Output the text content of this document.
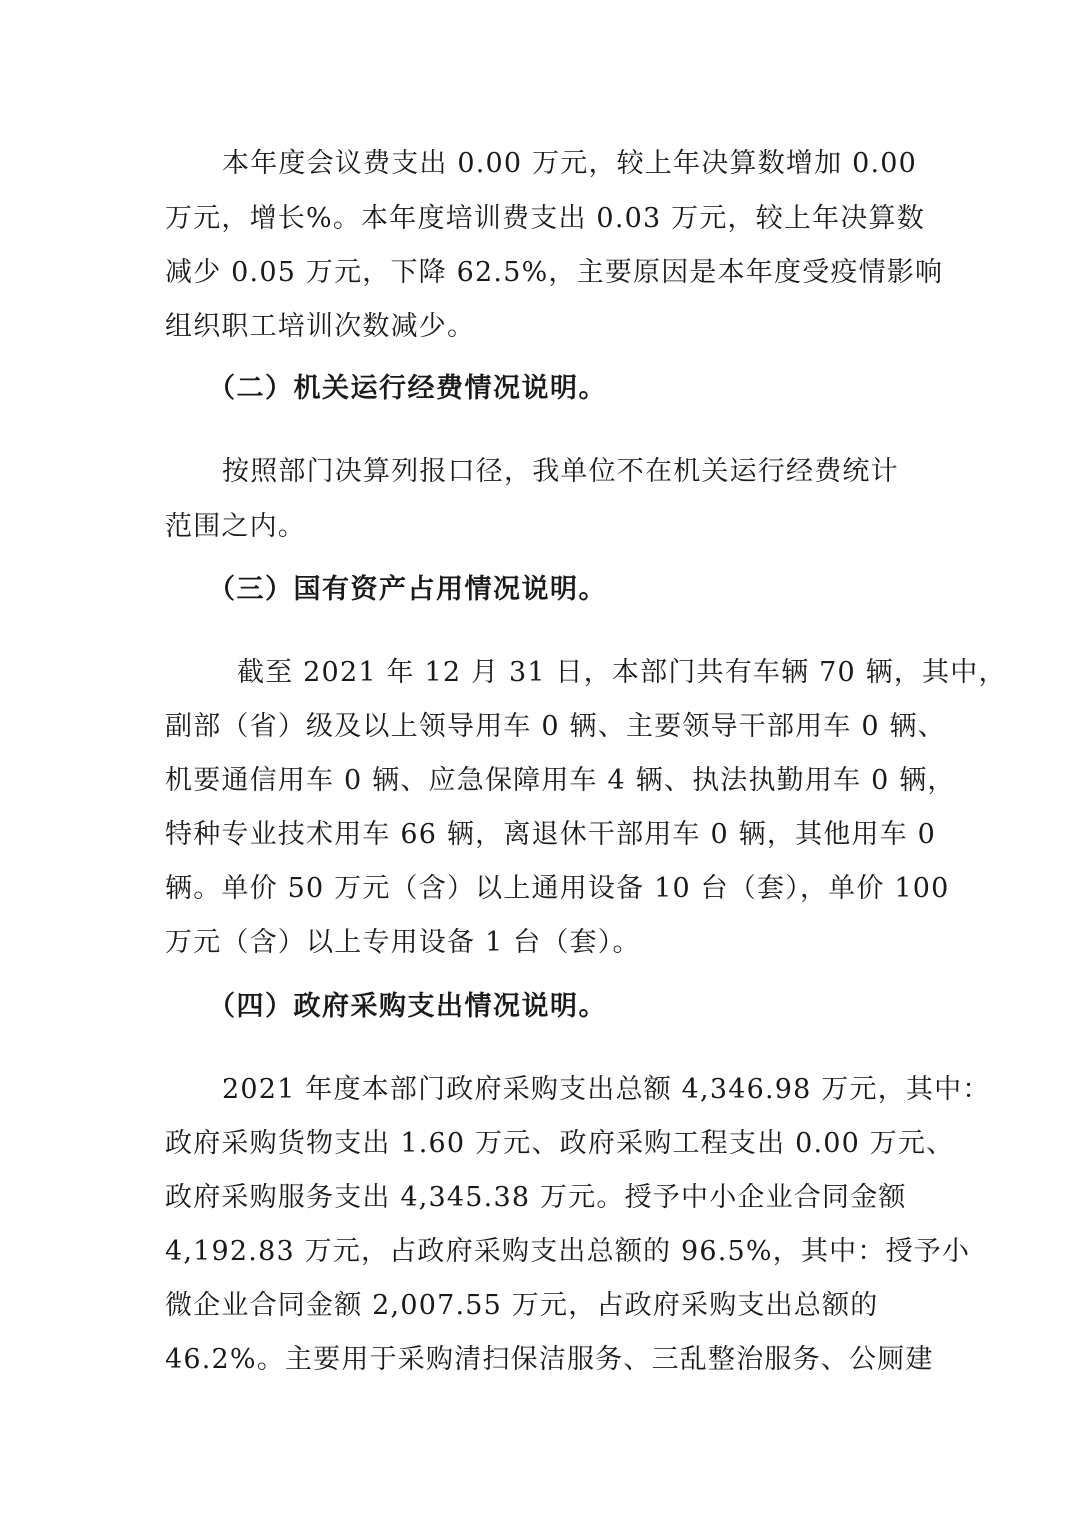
本年度会议费支出 0.00 万元，较上年决算数增加 0.00
万元，增长%。本年度培训费支出 0.03 万元，较上年决算数
减少 0.05 万元，下降 62.5%，主要原因是本年度受疫情影响
组织职工培训次数减少。
（二）机关运行经费情况说明。
按照部门决算列报口径，我单位不在机关运行经费统计
范围之内。
（三）国有资产占用情况说明。
截至 2021 年 12 月 31 日，本部门共有车辆 70 辆，其中，
副部（省）级及以上领导用车 0 辆、主要领导干部用车 0 辆、
机要通信用车 0 辆、应急保障用车 4 辆、执法执勤用车 0 辆，
特种专业技术用车 66 辆，离退休干部用车 0 辆，其他用车 0
辆。单价 50 万元（含）以上通用设备 10 台（套），单价 100
万元（含）以上专用设备 1 台（套）。
（四）政府采购支出情况说明。
2021 年度本部门政府采购支出总额 4,346.98 万元，其中：
政府采购货物支出 1.60 万元、政府采购工程支出 0.00 万元、
政府采购服务支出 4,345.38 万元。授予中小企业合同金额
4,192.83 万元，占政府采购支出总额的 96.5%，其中：授予小
微企业合同金额 2,007.55 万元，占政府采购支出总额的
46.2%。主要用于采购清扫保洁服务、三乱整治服务、公厕建
